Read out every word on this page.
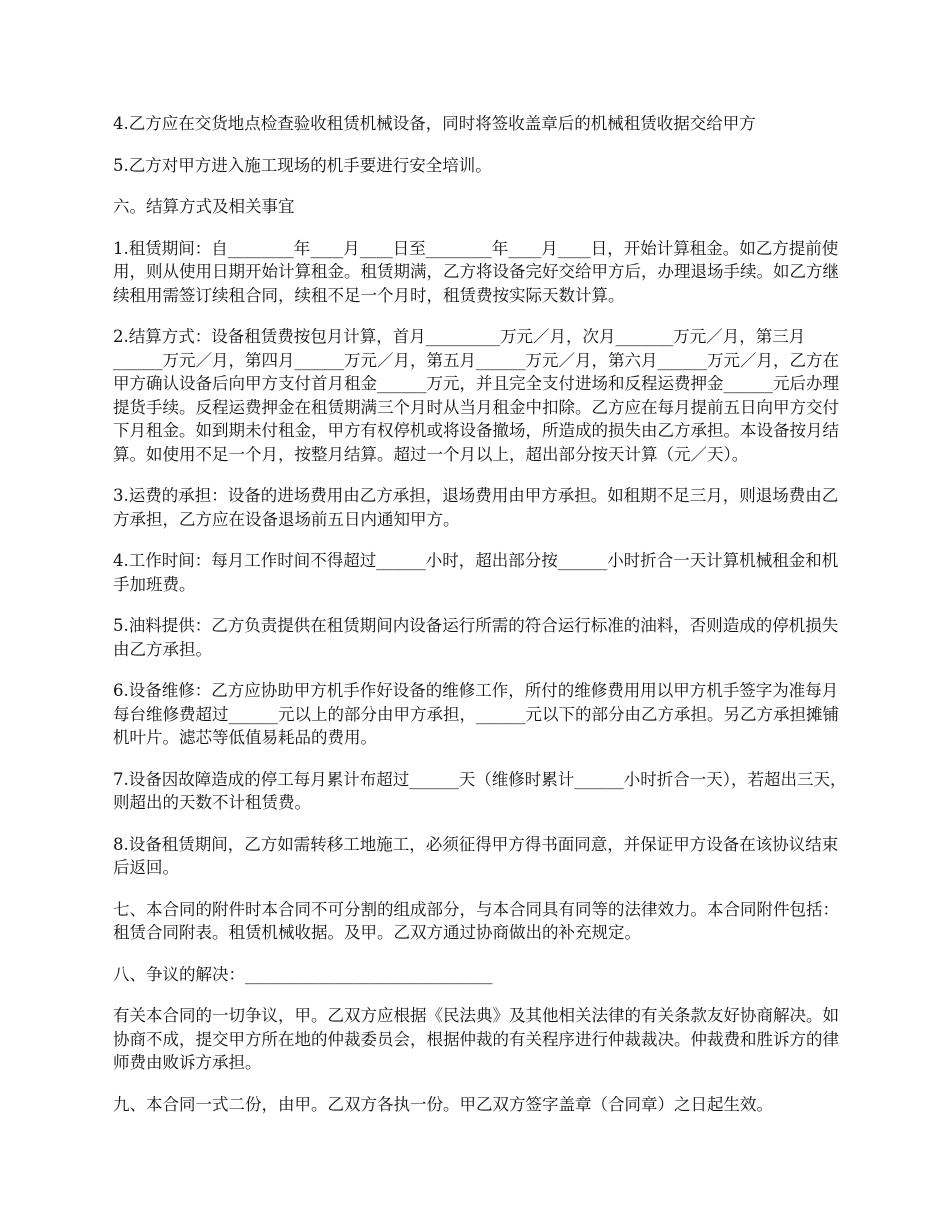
4.乙方应在交货地点检查验收租赁机械设备，同时将签收盖章后的机械租赁收据交给甲方

5.乙方对甲方进入施工现场的机手要进行安全培训。

六。结算方式及相关事宜

1.租赁期间：自________年____月____日至________年____月____日，开始计算租金。如乙方提前使用，则从使用日期开始计算租金。租赁期满，乙方将设备完好交给甲方后，办理退场手续。如乙方继续租用需签订续租合同，续租不足一个月时，租赁费按实际天数计算。

2.结算方式：设备租赁费按包月计算，首月_________万元／月，次月_______万元／月，第三月______万元／月，第四月______万元／月，第五月______万元／月，第六月______万元／月，乙方在甲方确认设备后向甲方支付首月租金______万元，并且完全支付进场和反程运费押金______元后办理提货手续。反程运费押金在租赁期满三个月时从当月租金中扣除。乙方应在每月提前五日向甲方交付下月租金。如到期未付租金，甲方有权停机或将设备撤场，所造成的损失由乙方承担。本设备按月结算。如使用不足一个月，按整月结算。超过一个月以上，超出部分按天计算（元／天）。

3.运费的承担：设备的进场费用由乙方承担，退场费用由甲方承担。如租期不足三月，则退场费由乙方承担，乙方应在设备退场前五日内通知甲方。

4.工作时间：每月工作时间不得超过______小时，超出部分按______小时折合一天计算机械租金和机手加班费。

5.油料提供：乙方负责提供在租赁期间内设备运行所需的符合运行标准的油料，否则造成的停机损失由乙方承担。

6.设备维修：乙方应协助甲方机手作好设备的维修工作，所付的维修费用用以甲方机手签字为准每月每台维修费超过______元以上的部分由甲方承担，______元以下的部分由乙方承担。另乙方承担摊铺机叶片。滤芯等低值易耗品的费用。

7.设备因故障造成的停工每月累计布超过______天（维修时累计______小时折合一天），若超出三天，则超出的天数不计租赁费。

8.设备租赁期间，乙方如需转移工地施工，必须征得甲方得书面同意，并保证甲方设备在该协议结束后返回。

七、本合同的附件时本合同不可分割的组成部分，与本合同具有同等的法律效力。本合同附件包括：租赁合同附表。租赁机械收据。及甲。乙双方通过协商做出的补充规定。

八、争议的解决：______________________________

有关本合同的一切争议，甲。乙双方应根据《民法典》及其他相关法律的有关条款友好协商解决。如协商不成，提交甲方所在地的仲裁委员会，根据仲裁的有关程序进行仲裁裁决。仲裁费和胜诉方的律师费由败诉方承担。

九、本合同一式二份，由甲。乙双方各执一份。甲乙双方签字盖章（合同章）之日起生效。
